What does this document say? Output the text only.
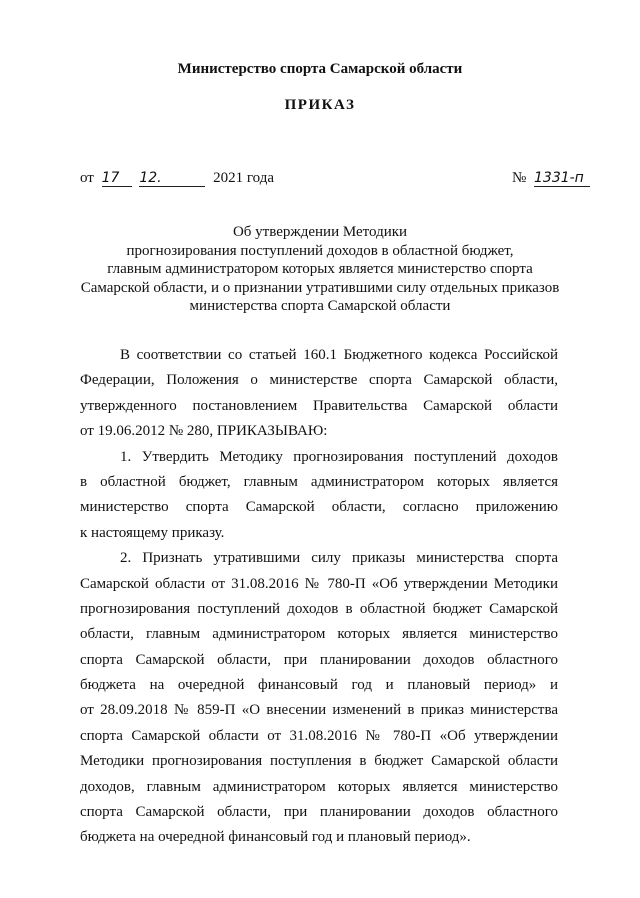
Министерство спорта Самарской области
ПРИКАЗ
от 17 12.	2021 года	№ 1331-п
Об утверждении Методики
прогнозирования поступлений доходов в областной бюджет,
главным администратором которых является министерство спорта
Самарской области, и о признании утратившими силу отдельных приказов
министерства спорта Самарской области
В соответствии со статьей 160.1 Бюджетного кодекса Российской
Федерации, Положения о министерстве спорта Самарской области,
утвержденного постановлением Правительства Самарской области
от 19.06.2012 № 280, ПРИКАЗЫВАЮ:
1. Утвердить Методику прогнозирования поступлений доходов
в областной бюджет, главным администратором которых является
министерство спорта Самарской области, согласно приложению
к настоящему приказу.
2. Признать утратившими силу приказы министерства спорта
Самарской области от 31.08.2016 № 780-П «Об утверждении Методики
прогнозирования поступлений доходов в областной бюджет Самарской
области, главным администратором которых является министерство
спорта Самарской области, при планировании доходов областного
бюджета на очередной финансовый год и плановый период» и
от 28.09.2018 № 859-П «О внесении изменений в приказ министерства
спорта Самарской области от 31.08.2016 № 780-П «Об утверждении
Методики прогнозирования поступления в бюджет Самарской области
доходов, главным администратором которых является министерство
спорта Самарской области, при планировании доходов областного
бюджета на очередной финансовый год и плановый период».
